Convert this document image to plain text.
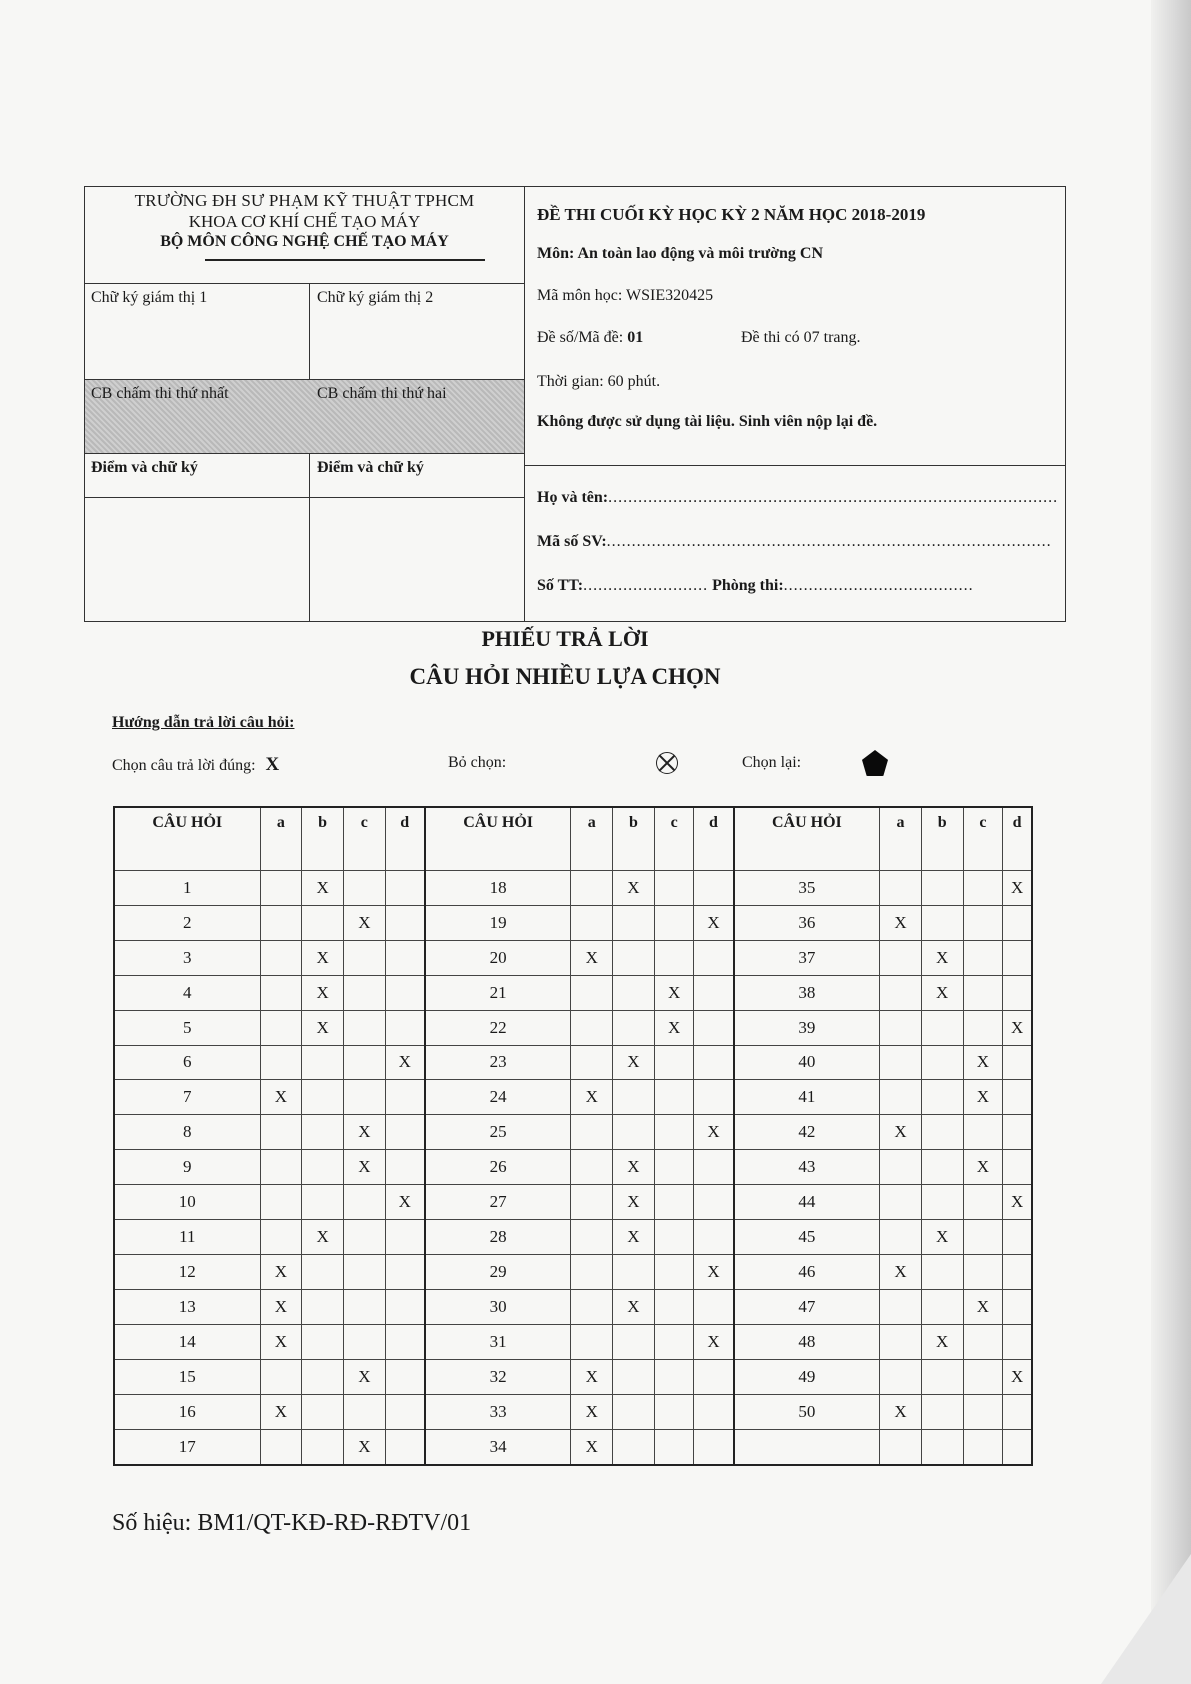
TRƯỜNG ĐH SƯ PHẠM KỸ THUẬT TPHCM
KHOA CƠ KHÍ CHẾ TẠO MÁY
BỘ MÔN CÔNG NGHỆ CHẾ TẠO MÁY
Chữ ký giám thị 1	Chữ ký giám thị 2
CB chấm thi thứ nhất	CB chấm thi thứ hai
Điểm và chữ ký	Điểm và chữ ký
ĐỀ THI CUỐI KỲ HỌC KỲ 2 NĂM HỌC 2018-2019
Môn: An toàn lao động và môi trường CN
Mã môn học: WSIE320425
Đề số/Mã đề: 01	Đề thi có 07 trang.
Thời gian: 60 phút.
Không được sử dụng tài liệu. Sinh viên nộp lại đề.
Họ và tên:..........................................................................................
Mã số SV:.........................................................................................
Số TT:......................... Phòng thi:......................................
PHIẾU TRẢ LỜI
CÂU HỎI NHIỀU LỰA CHỌN
Hướng dẫn trả lời câu hỏi:
Chọn câu trả lời đúng: X	Bỏ chọn:	Chọn lại:
CÂU HỎI	a	b	c	d	CÂU HỎI	a	b	c	d	CÂU HỎI	a	b	c	d
1		X			18		X			35				X
2			X		19				X	36	X			
3		X			20	X				37		X		
4		X			21			X		38		X		
5		X			22			X		39				X
6				X	23		X			40			X	
7	X				24	X				41			X	
8			X		25				X	42	X			
9			X		26		X			43			X	
10				X	27		X			44				X
11		X			28		X			45		X		
12	X				29				X	46	X			
13	X				30		X			47			X	
14	X				31				X	48		X		
15			X		32	X				49				X
16	X				33	X				50	X			
17			X		34	X								
Số hiệu: BM1/QT-KĐ-RĐ-RĐTV/01
